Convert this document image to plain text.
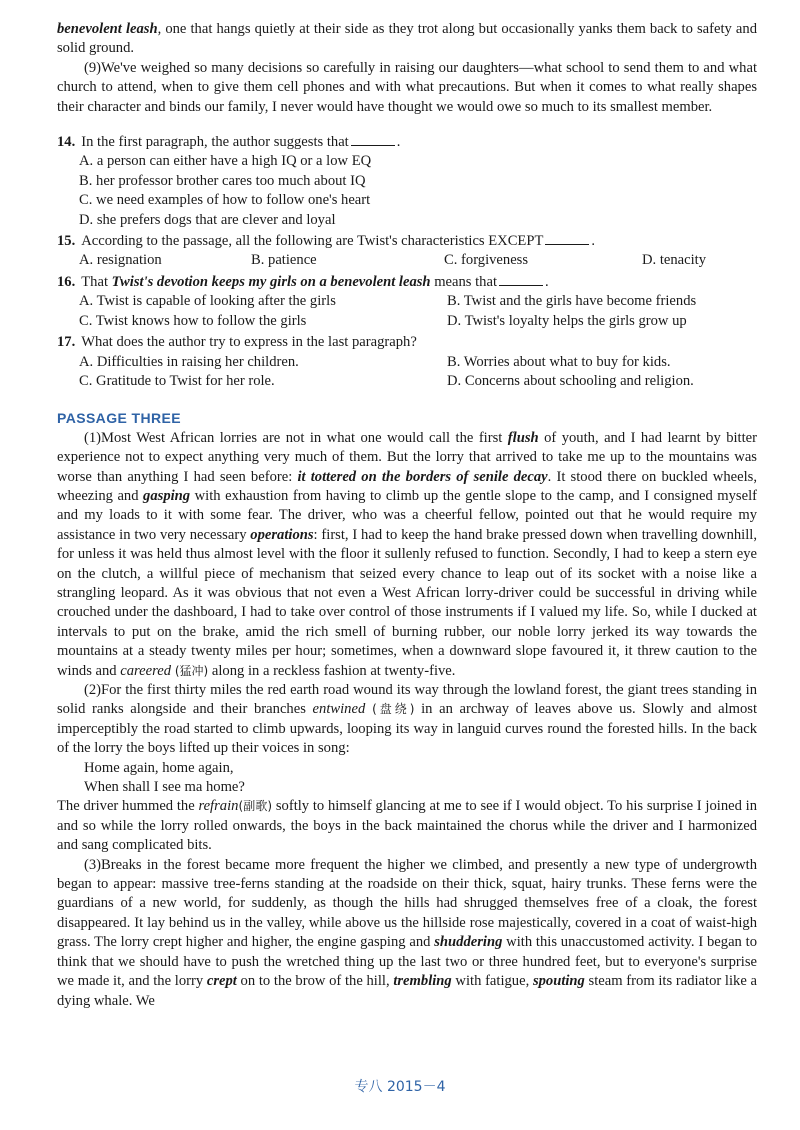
benevolent leash, one that hangs quietly at their side as they trot along but occasionally yanks them back to safety and solid ground.

(9)We've weighed so many decisions so carefully in raising our daughters—what school to send them to and what church to attend, when to give them cell phones and with what precautions. But when it comes to what really shapes their character and binds our family, I never would have thought we would owe so much to its smallest member.

14. In the first paragraph, the author suggests that	.
A. a person can either have a high IQ or a low EQ
B. her professor brother cares too much about IQ
C. we need examples of how to follow one's heart
D. she prefers dogs that are clever and loyal
15. According to the passage, all the following are Twist's characteristics EXCEPT	.
A. resignation	B. patience	C. forgiveness	D. tenacity
16. That Twist's devotion keeps my girls on a benevolent leash means that	.
A. Twist is capable of looking after the girls	B. Twist and the girls have become friends
C. Twist knows how to follow the girls	D. Twist's loyalty helps the girls grow up
17. What does the author try to express in the last paragraph?
A. Difficulties in raising her children.	B. Worries about what to buy for kids.
C. Gratitude to Twist for her role.	D. Concerns about schooling and religion.
PASSAGE THREE

(1)Most West African lorries are not in what one would call the first flush of youth, and I had learnt by bitter experience not to expect anything very much of them. But the lorry that arrived to take me up to the mountains was worse than anything I had seen before: it tottered on the borders of senile decay. It stood there on buckled wheels, wheezing and gasping with exhaustion from having to climb up the gentle slope to the camp, and I consigned myself and my loads to it with some fear. The driver, who was a cheerful fellow, pointed out that he would require my assistance in two very necessary operations: first, I had to keep the hand brake pressed down when travelling downhill, for unless it was held thus almost level with the floor it sullenly refused to function. Secondly, I had to keep a stern eye on the clutch, a willful piece of mechanism that seized every chance to leap out of its socket with a noise like a strangling leopard. As it was obvious that not even a West African lorry-driver could be successful in driving while crouched under the dashboard, I had to take over control of those instruments if I valued my life. So, while I ducked at intervals to put on the brake, amid the rich smell of burning rubber, our noble lorry jerked its way towards the mountains at a steady twenty miles per hour; sometimes, when a downward slope favoured it, it threw caution to the winds and careered (猛冲) along in a reckless fashion at twenty-five.

(2)For the first thirty miles the red earth road wound its way through the lowland forest, the giant trees standing in solid ranks alongside and their branches entwined (盘绕) in an archway of leaves above us. Slowly and almost imperceptibly the road started to climb upwards, looping its way in languid curves round the forested hills. In the back of the lorry the boys lifted up their voices in song:

Home again, home again,
When shall I see ma home?

The driver hummed the refrain(副歌) softly to himself glancing at me to see if I would object. To his surprise I joined in and so while the lorry rolled onwards, the boys in the back maintained the chorus while the driver and I harmonized and sang complicated bits.

(3)Breaks in the forest became more frequent the higher we climbed, and presently a new type of undergrowth began to appear: massive tree-ferns standing at the roadside on their thick, squat, hairy trunks. These ferns were the guardians of a new world, for suddenly, as though the hills had shrugged themselves free of a cloak, the forest disappeared. It lay behind us in the valley, while above us the hillside rose majestically, covered in a coat of waist-high grass. The lorry crept higher and higher, the engine gasping and shuddering with this unaccustomed activity. I began to think that we should have to push the wretched thing up the last two or three hundred feet, but to everyone's surprise we made it, and the lorry crept on to the brow of the hill, trembling with fatigue, spouting steam from its radiator like a dying whale. We

专八 2015－4
